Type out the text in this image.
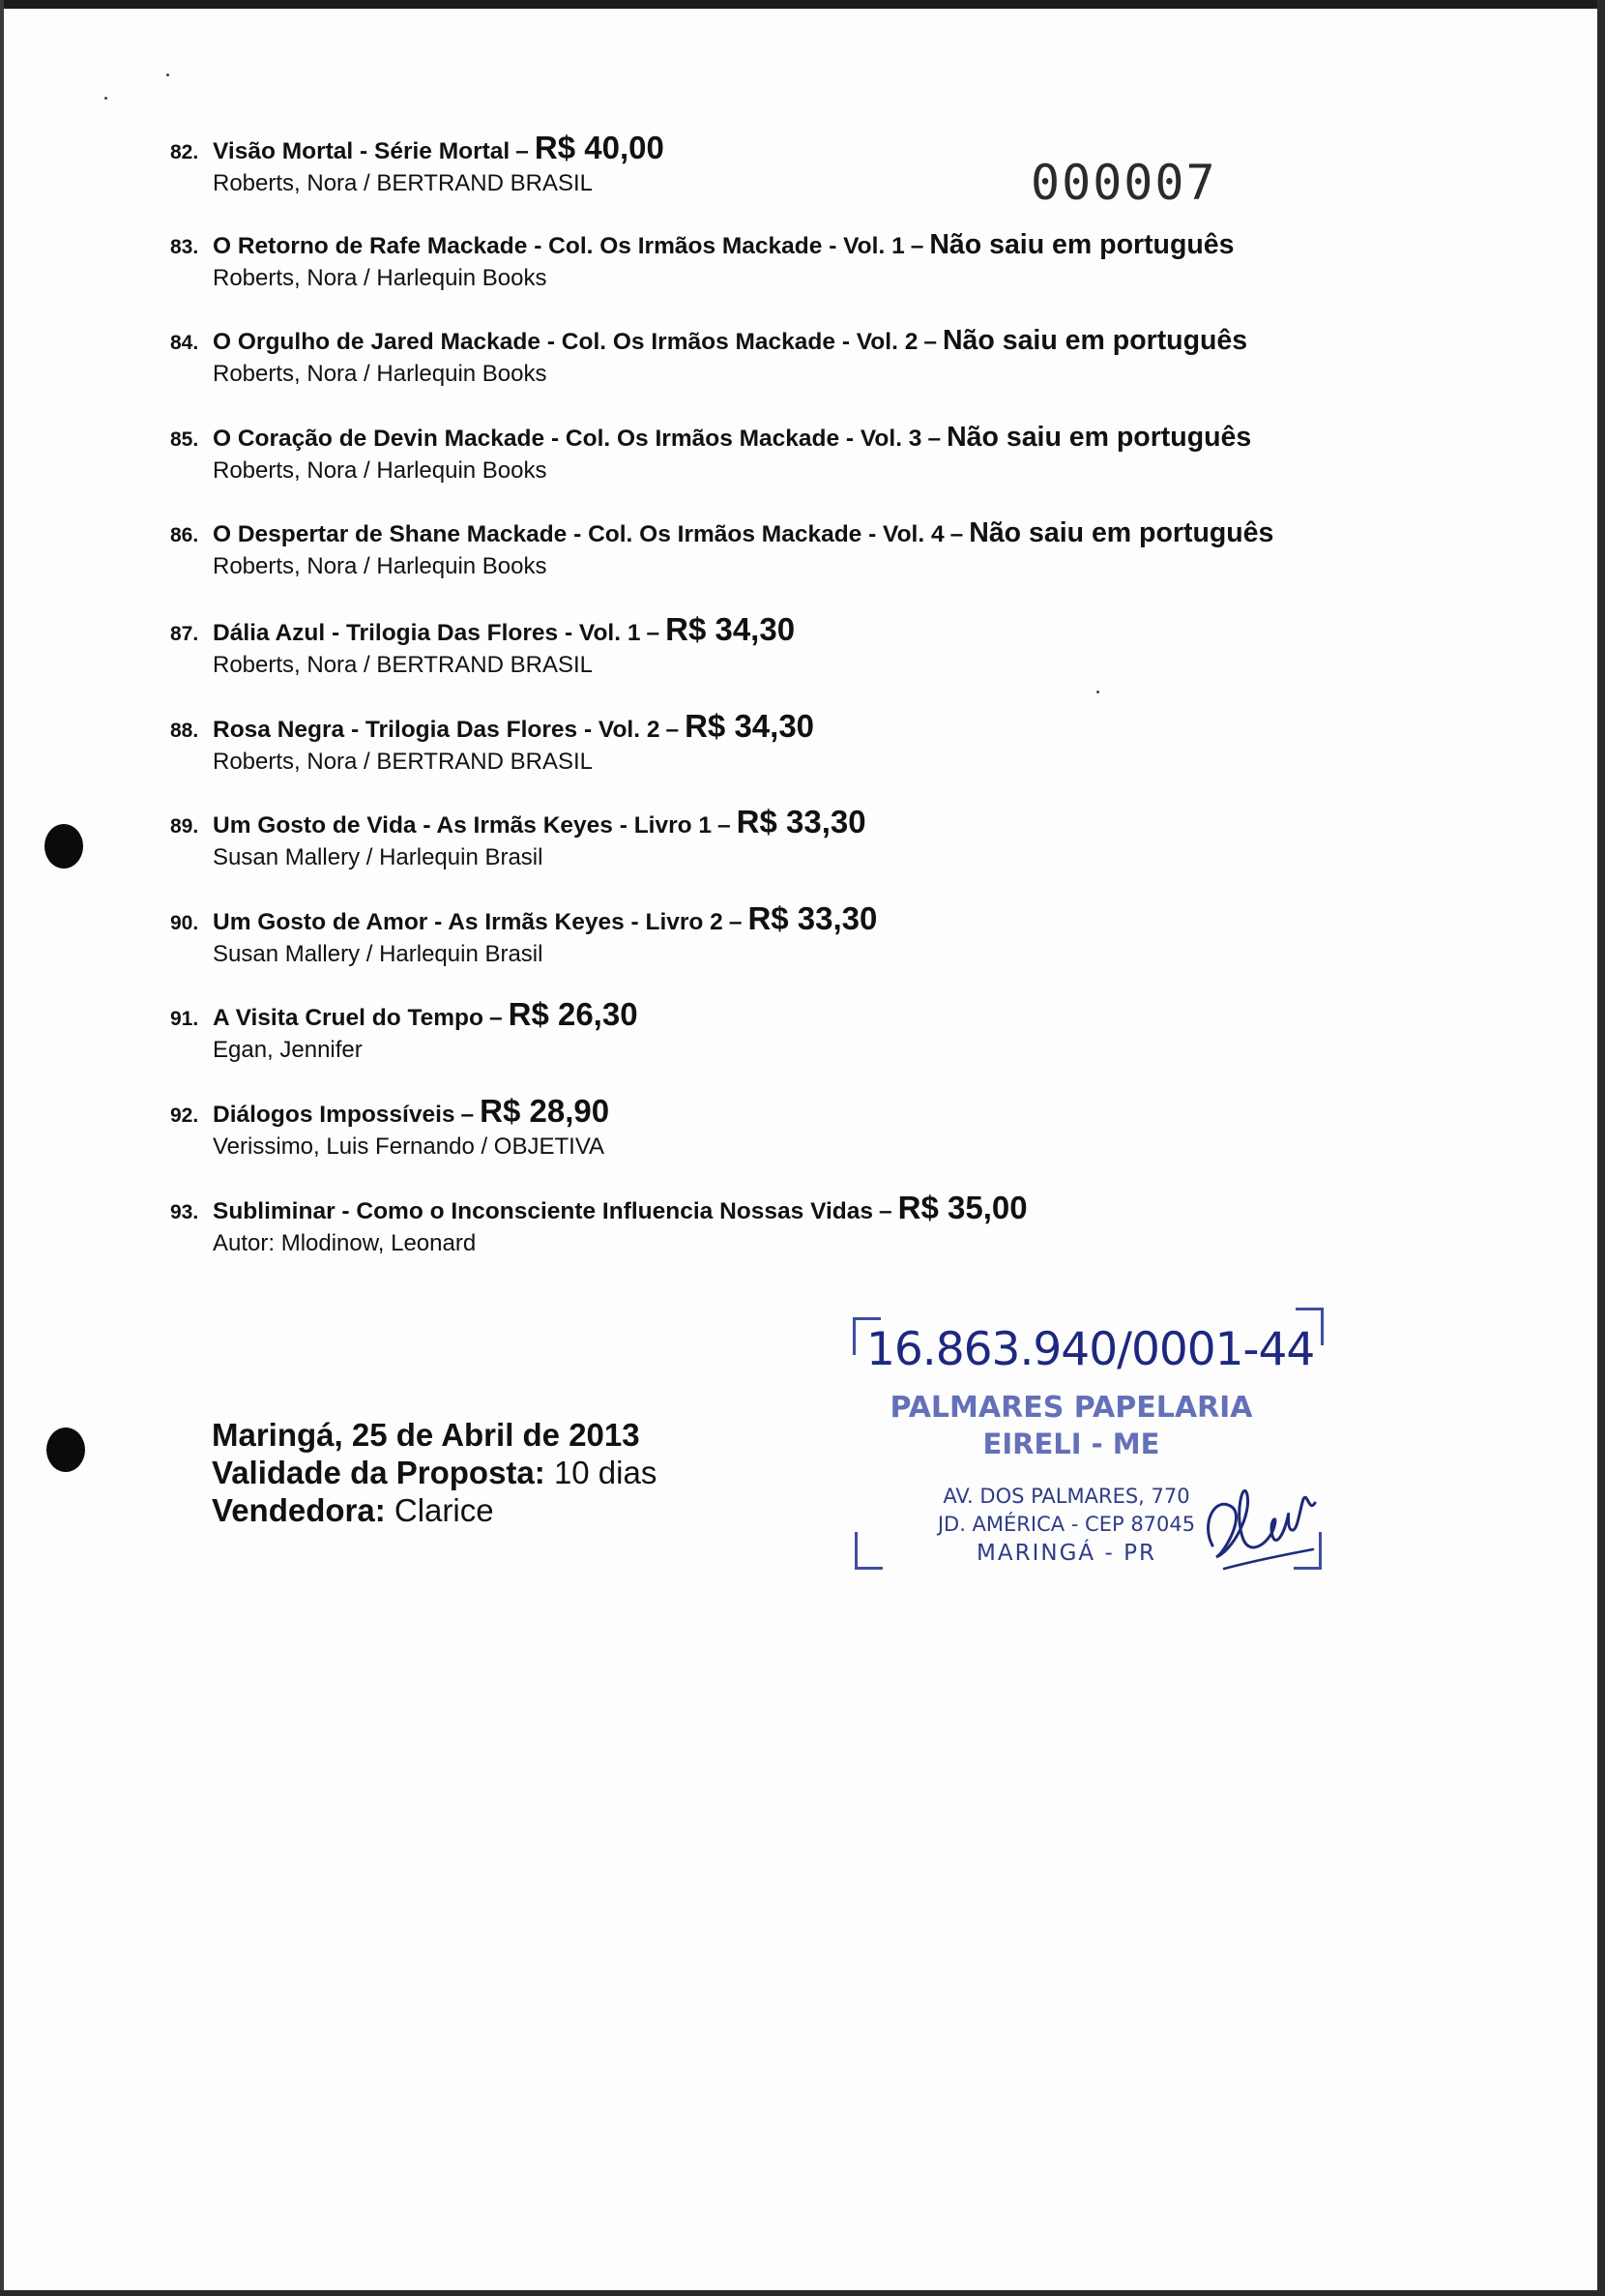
000007
82. Visão Mortal - Série Mortal – R$ 40,00
Roberts, Nora / BERTRAND BRASIL
83. O Retorno de Rafe Mackade - Col. Os Irmãos Mackade - Vol. 1 – Não saiu em português
Roberts, Nora / Harlequin Books
84. O Orgulho de Jared Mackade - Col. Os Irmãos Mackade - Vol. 2 – Não saiu em português
Roberts, Nora / Harlequin Books
85. O Coração de Devin Mackade - Col. Os Irmãos Mackade - Vol. 3 – Não saiu em português
Roberts, Nora / Harlequin Books
86. O Despertar de Shane Mackade - Col. Os Irmãos Mackade - Vol. 4 – Não saiu em português
Roberts, Nora / Harlequin Books
87. Dália Azul - Trilogia Das Flores - Vol. 1 – R$ 34,30
Roberts, Nora / BERTRAND BRASIL
88. Rosa Negra - Trilogia Das Flores - Vol. 2 – R$ 34,30
Roberts, Nora / BERTRAND BRASIL
89. Um Gosto de Vida - As Irmãs Keyes - Livro 1 – R$ 33,30
Susan Mallery / Harlequin Brasil
90. Um Gosto de Amor - As Irmãs Keyes - Livro 2 – R$ 33,30
Susan Mallery / Harlequin Brasil
91. A Visita Cruel do Tempo – R$ 26,30
Egan, Jennifer
92. Diálogos Impossíveis – R$ 28,90
Verissimo, Luis Fernando / OBJETIVA
93. Subliminar - Como o Inconsciente Influencia Nossas Vidas – R$ 35,00
Autor: Mlodinow, Leonard
Maringá, 25 de Abril de 2013
Validade da Proposta: 10 dias
Vendedora: Clarice
16.863.940/0001-44
PALMARES PAPELARIA
EIRELI - ME
AV. DOS PALMARES, 770
JD. AMÉRICA - CEP 87045
MARINGÁ - PR
